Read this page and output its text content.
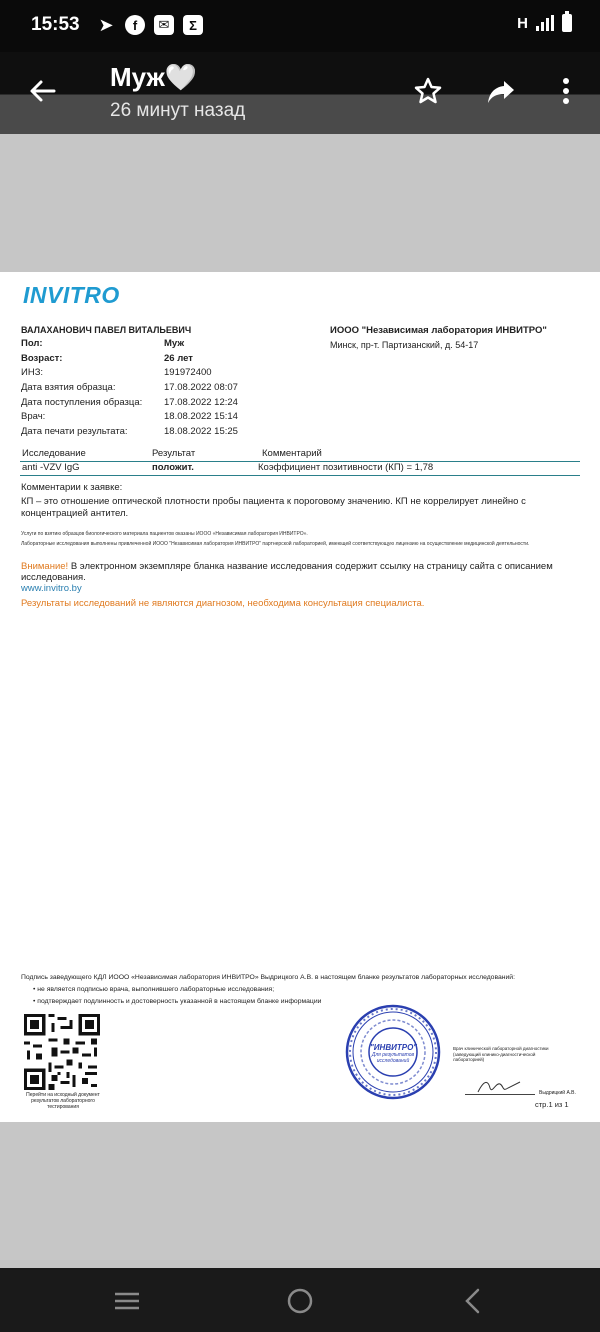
15:53 ➤	f	✉	Σ	H
Муж🤍
26 минут назад
INVITRO
ВАЛАХАНОВИЧ ПАВЕЛ ВИТАЛЬЕВИЧ	ИООО "Независимая лаборатория ИНВИТРО"
Минск, пр-т. Партизанский, д. 54-17
Пол:	Муж
Возраст:	26 лет
ИНЗ:	191972400
Дата взятия образца:	17.08.2022 08:07
Дата поступления образца:	17.08.2022 12:24
Врач:	18.08.2022 15:14
Дата печати результата:	18.08.2022 15:25
Исследование	Результат	Комментарий
anti -VZV IgG	положит.	Коэффициент позитивности (КП) = 1,78
Комментарии к заявке:
КП – это отношение оптической плотности пробы пациента к пороговому значению. КП не коррелирует линейно с концентрацией антител.
Услуги по взятию образцов биологического материала пациентов оказаны ИООО «Независимая лаборатория ИНВИТРО».
Лабораторные исследования выполнены привлеченной ИООО "Независимая лаборатория ИНВИТРО" партнерской лабораторией, имеющей соответствующую лицензию на осуществление медицинской деятельности.
Внимание! В электронном экземпляре бланка название исследования содержит ссылку на страницу сайта с описанием исследования.
www.invitro.by
Результаты исследований не являются диагнозом, необходима консультация специалиста.
Подпись заведующего КДЛ ИООО «Независимая лаборатория ИНВИТРО» Выдрицкого А.В. в настоящем бланке результатов лабораторных исследований:
• не является подписью врача, выполнившего лабораторные исследования;
• подтверждает подлинность и достоверность указанной в настоящем бланке информации
Перейти на исходный документ результатов лабораторного тестирования
"ИНВИТРО"
Для результатов исследований
Врач клинической лабораторной диагностики (заведующий клинико-диагностической лабораторией)
Выдрицкий А.В.
стр.1 из 1
